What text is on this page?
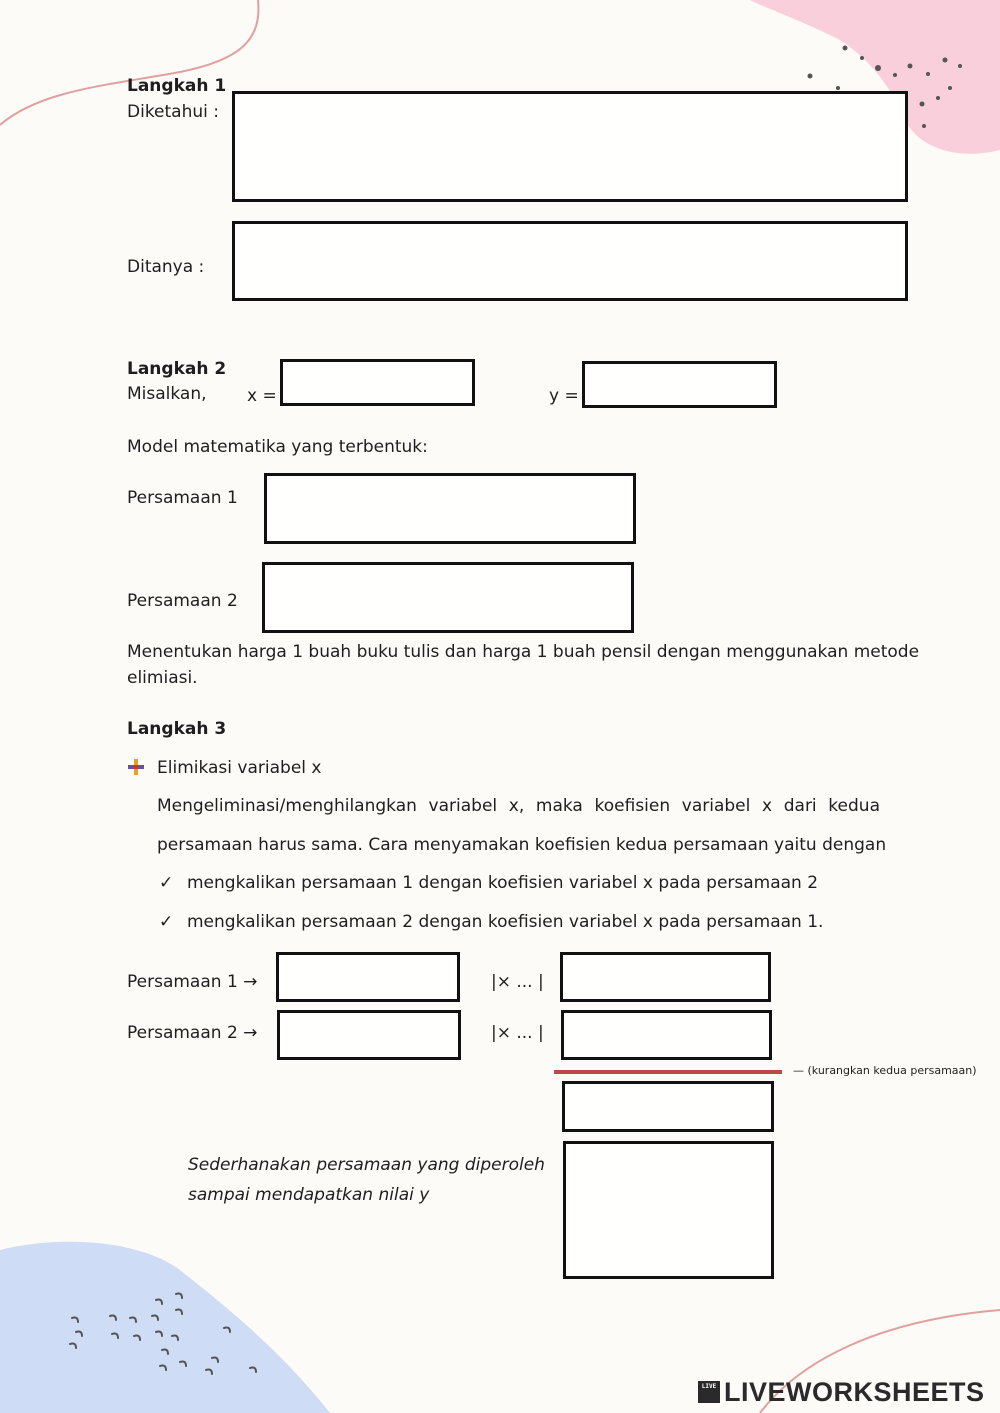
Langkah 1
Diketahui :
Ditanya :
Langkah 2
Misalkan, x =	y =
Model matematika yang terbentuk:
Persamaan 1
Persamaan 2
Menentukan harga 1 buah buku tulis dan harga 1 buah pensil dengan menggunakan metode
elimiasi.
Langkah 3
Elimikasi variabel x
Mengeliminasi/menghilangkan variabel x, maka koefisien variabel x dari kedua
persamaan harus sama. Cara menyamakan koefisien kedua persamaan yaitu dengan
✓ mengkalikan persamaan 1 dengan koefisien variabel x pada persamaan 2
✓ mengkalikan persamaan 2 dengan koefisien variabel x pada persamaan 1.
Persamaan 1 →	|× ... |
Persamaan 2 →	|× ... |
— (kurangkan kedua persamaan)
Sederhanakan persamaan yang diperoleh
sampai mendapatkan nilai y
LIVE LIVEWORKSHEETS
